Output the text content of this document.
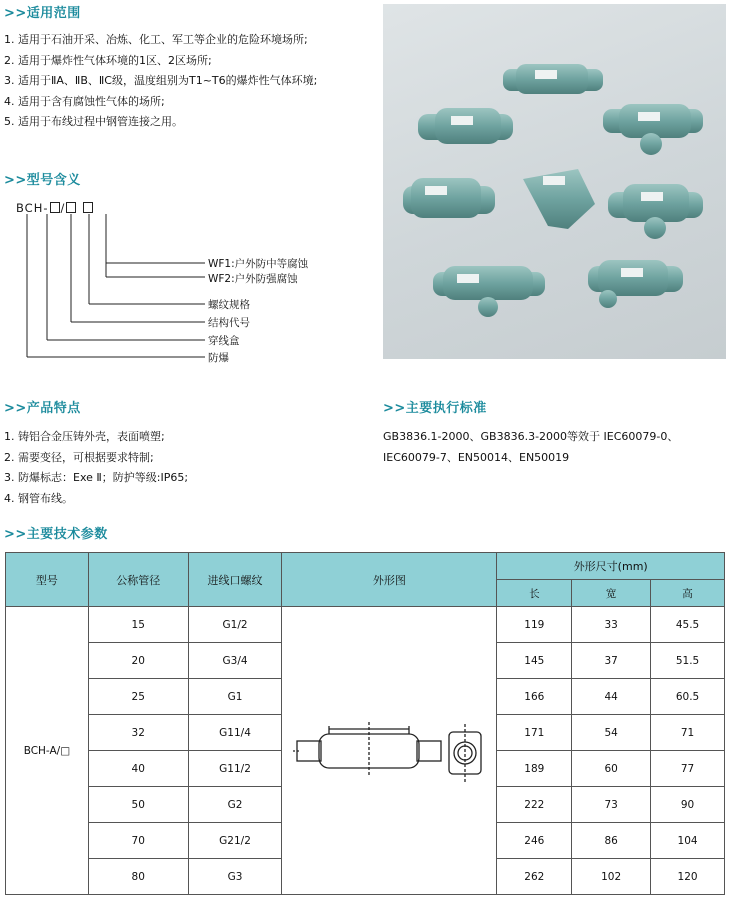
>>适用范围
1. 适用于石油开采、冶炼、化工、军工等企业的危险环境场所;
2. 适用于爆炸性气体环境的1区、2区场所;
3. 适用于ⅡA、ⅡB、ⅡC级，温度组别为T1~T6的爆炸性气体环境;
4. 适用于含有腐蚀性气体的场所;
5. 适用于布线过程中钢管连接之用。
>>型号含义
BCH- /
WF1:户外防中等腐蚀
WF2:户外防强腐蚀
螺纹规格
结构代号
穿线盒
防爆
>>产品特点
1. 铸铝合金压铸外壳，表面喷塑;
2. 需要变径，可根据要求特制;
3. 防爆标志：Exe Ⅱ；防护等级:IP65;
4. 钢管布线。
>>主要执行标准
GB3836.1-2000、GB3836.3-2000等效于 IEC60079-0、IEC60079-7、EN50014、EN50019
>>主要技术参数
型号	公称管径	进线口螺纹	外形图	外形尺寸(mm)		
				长	宽	高
BCH-A/□	15	G1/2		119	33	45.5
	20	G3/4		145	37	51.5
	25	G1		166	44	60.5
	32	G11/4		171	54	71
	40	G11/2		189	60	77
	50	G2		222	73	90
	70	G21/2		246	86	104
	80	G3		262	102	120
